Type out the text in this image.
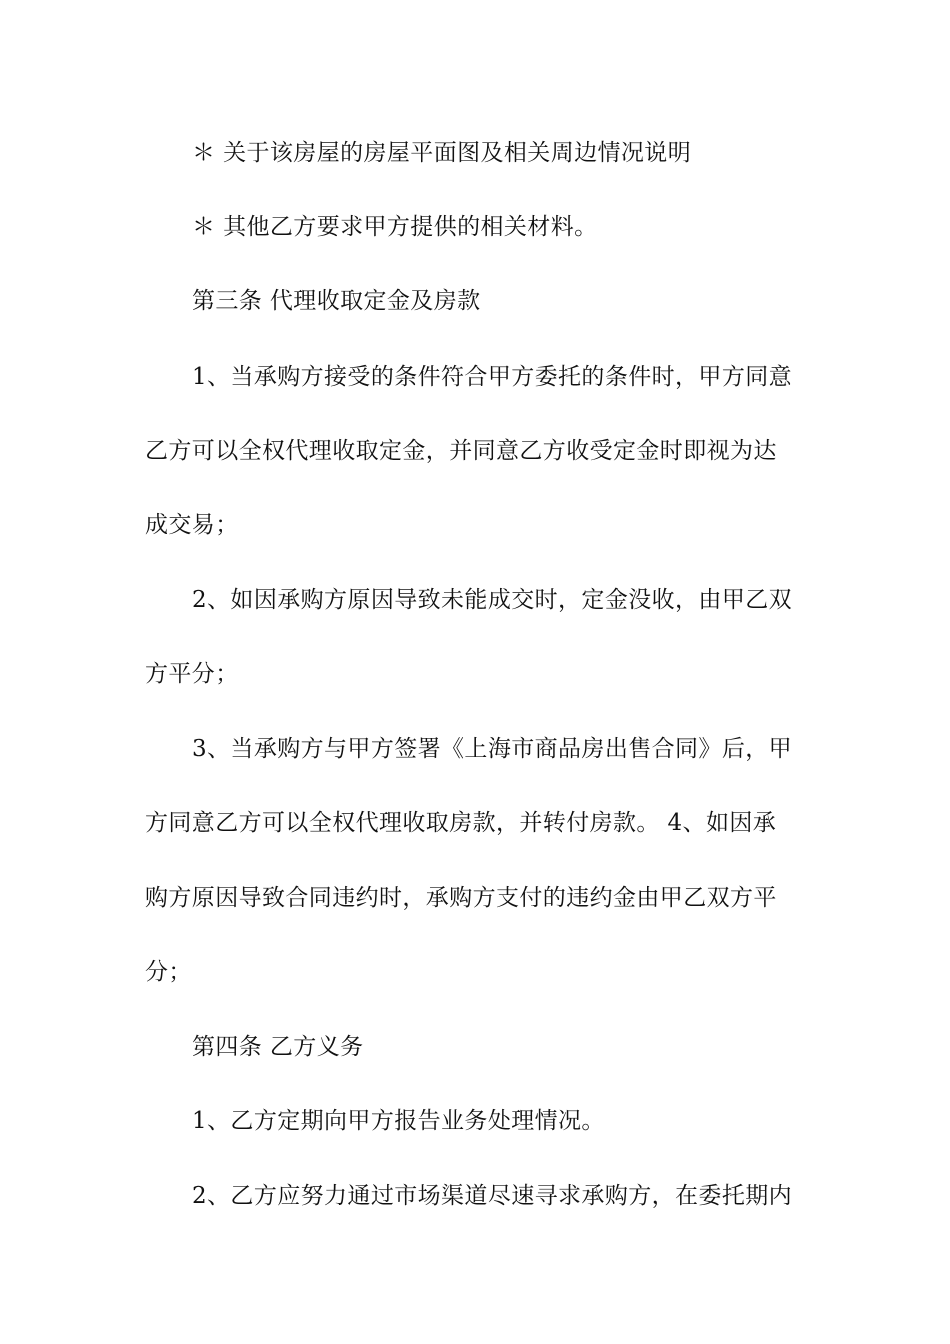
＊ 关于该房屋的房屋平面图及相关周边情况说明
＊ 其他乙方要求甲方提供的相关材料。
第三条 代理收取定金及房款
1、当承购方接受的条件符合甲方委托的条件时，甲方同意
乙方可以全权代理收取定金，并同意乙方收受定金时即视为达
成交易；
2、如因承购方原因导致未能成交时，定金没收，由甲乙双
方平分；
3、当承购方与甲方签署《上海市商品房出售合同》后，甲
方同意乙方可以全权代理收取房款，并转付房款。 4、如因承
购方原因导致合同违约时，承购方支付的违约金由甲乙双方平
分；
第四条 乙方义务
1、乙方定期向甲方报告业务处理情况。
2、乙方应努力通过市场渠道尽速寻求承购方，在委托期内
